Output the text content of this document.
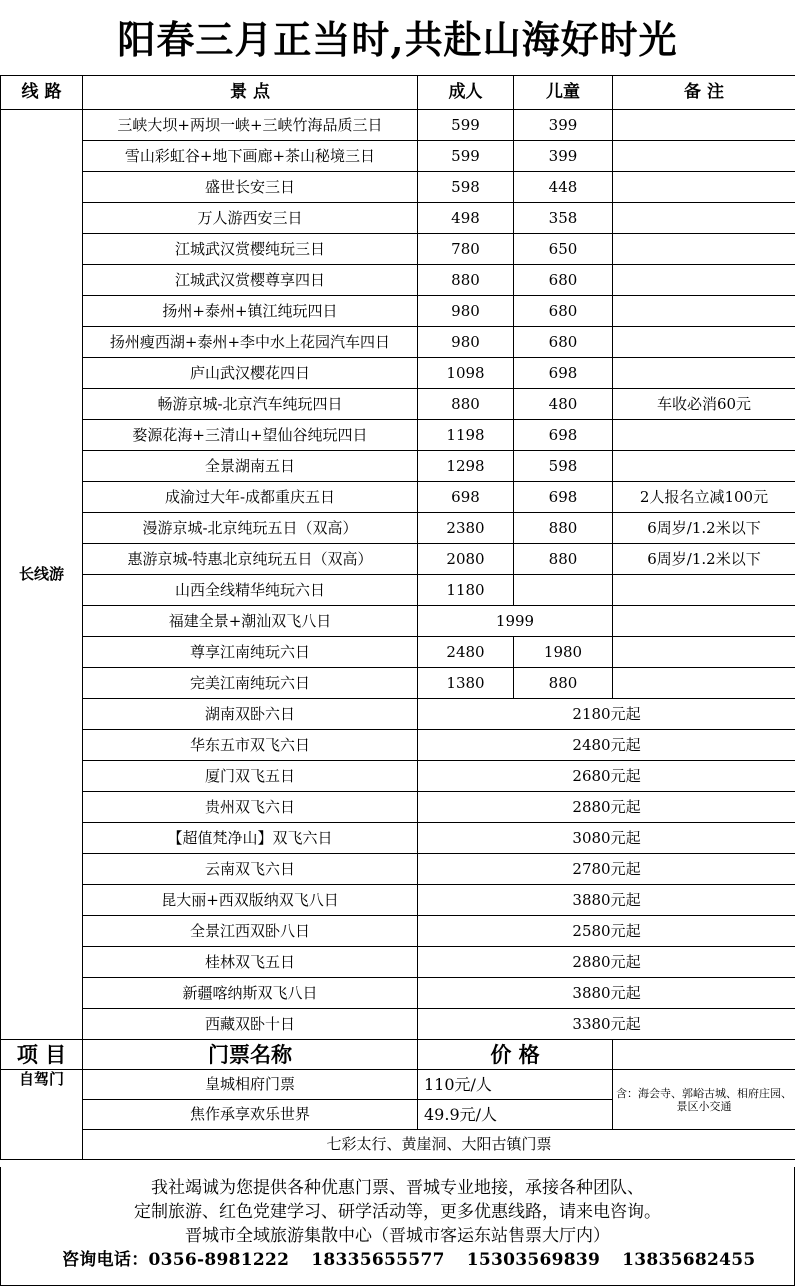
阳春三月正当时,共赴山海好时光
线 路	景 点	成人	儿童	备 注
长线游	三峡大坝+两坝一峡+三峡竹海品质三日	599	399	
	雪山彩虹谷+地下画廊+茶山秘境三日	599	399	
	盛世长安三日	598	448	
	万人游西安三日	498	358	
	江城武汉赏樱纯玩三日	780	650	
	江城武汉赏樱尊享四日	880	680	
	扬州+泰州+镇江纯玩四日	980	680	
	扬州瘦西湖+泰州+李中水上花园汽车四日	980	680	
	庐山武汉樱花四日	1098	698	
	畅游京城-北京汽车纯玩四日	880	480	车收必消60元
	婺源花海+三清山+望仙谷纯玩四日	1198	698	
	全景湖南五日	1298	598	
	成渝过大年-成都重庆五日	698	698	2人报名立减100元
	漫游京城-北京纯玩五日（双高）	2380	880	6周岁/1.2米以下
	惠游京城-特惠北京纯玩五日（双高）	2080	880	6周岁/1.2米以下
	山西全线精华纯玩六日	1180		
	福建全景+潮汕双飞八日	1999		
	尊享江南纯玩六日	2480	1980	
	完美江南纯玩六日	1380	880	
	湖南双卧六日	2180元起		
	华东五市双飞六日	2480元起		
	厦门双飞五日	2680元起		
	贵州双飞六日	2880元起		
	【超值梵净山】双飞六日	3080元起		
	云南双飞六日	2780元起		
	昆大丽+西双版纳双飞八日	3880元起		
	全景江西双卧八日	2580元起		
	桂林双飞五日	2880元起		
	新疆喀纳斯双飞八日	3880元起		
	西藏双卧十日	3380元起		
项 目	门票名称	价 格		
自驾门	皇城相府门票	110元/人		含：海会寺、郭峪古城、相府庄园、景区小交通
	焦作承享欢乐世界	49.9元/人		
	七彩太行、黄崖洞、大阳古镇门票			
我社竭诚为您提供各种优惠门票、晋城专业地接，承接各种团队、
定制旅游、红色党建学习、研学活动等，更多优惠线路，请来电咨询。
晋城市全域旅游集散中心（晋城市客运东站售票大厅内）
咨询电话：0356-8981222 18335655577 15303569839 13835682455
